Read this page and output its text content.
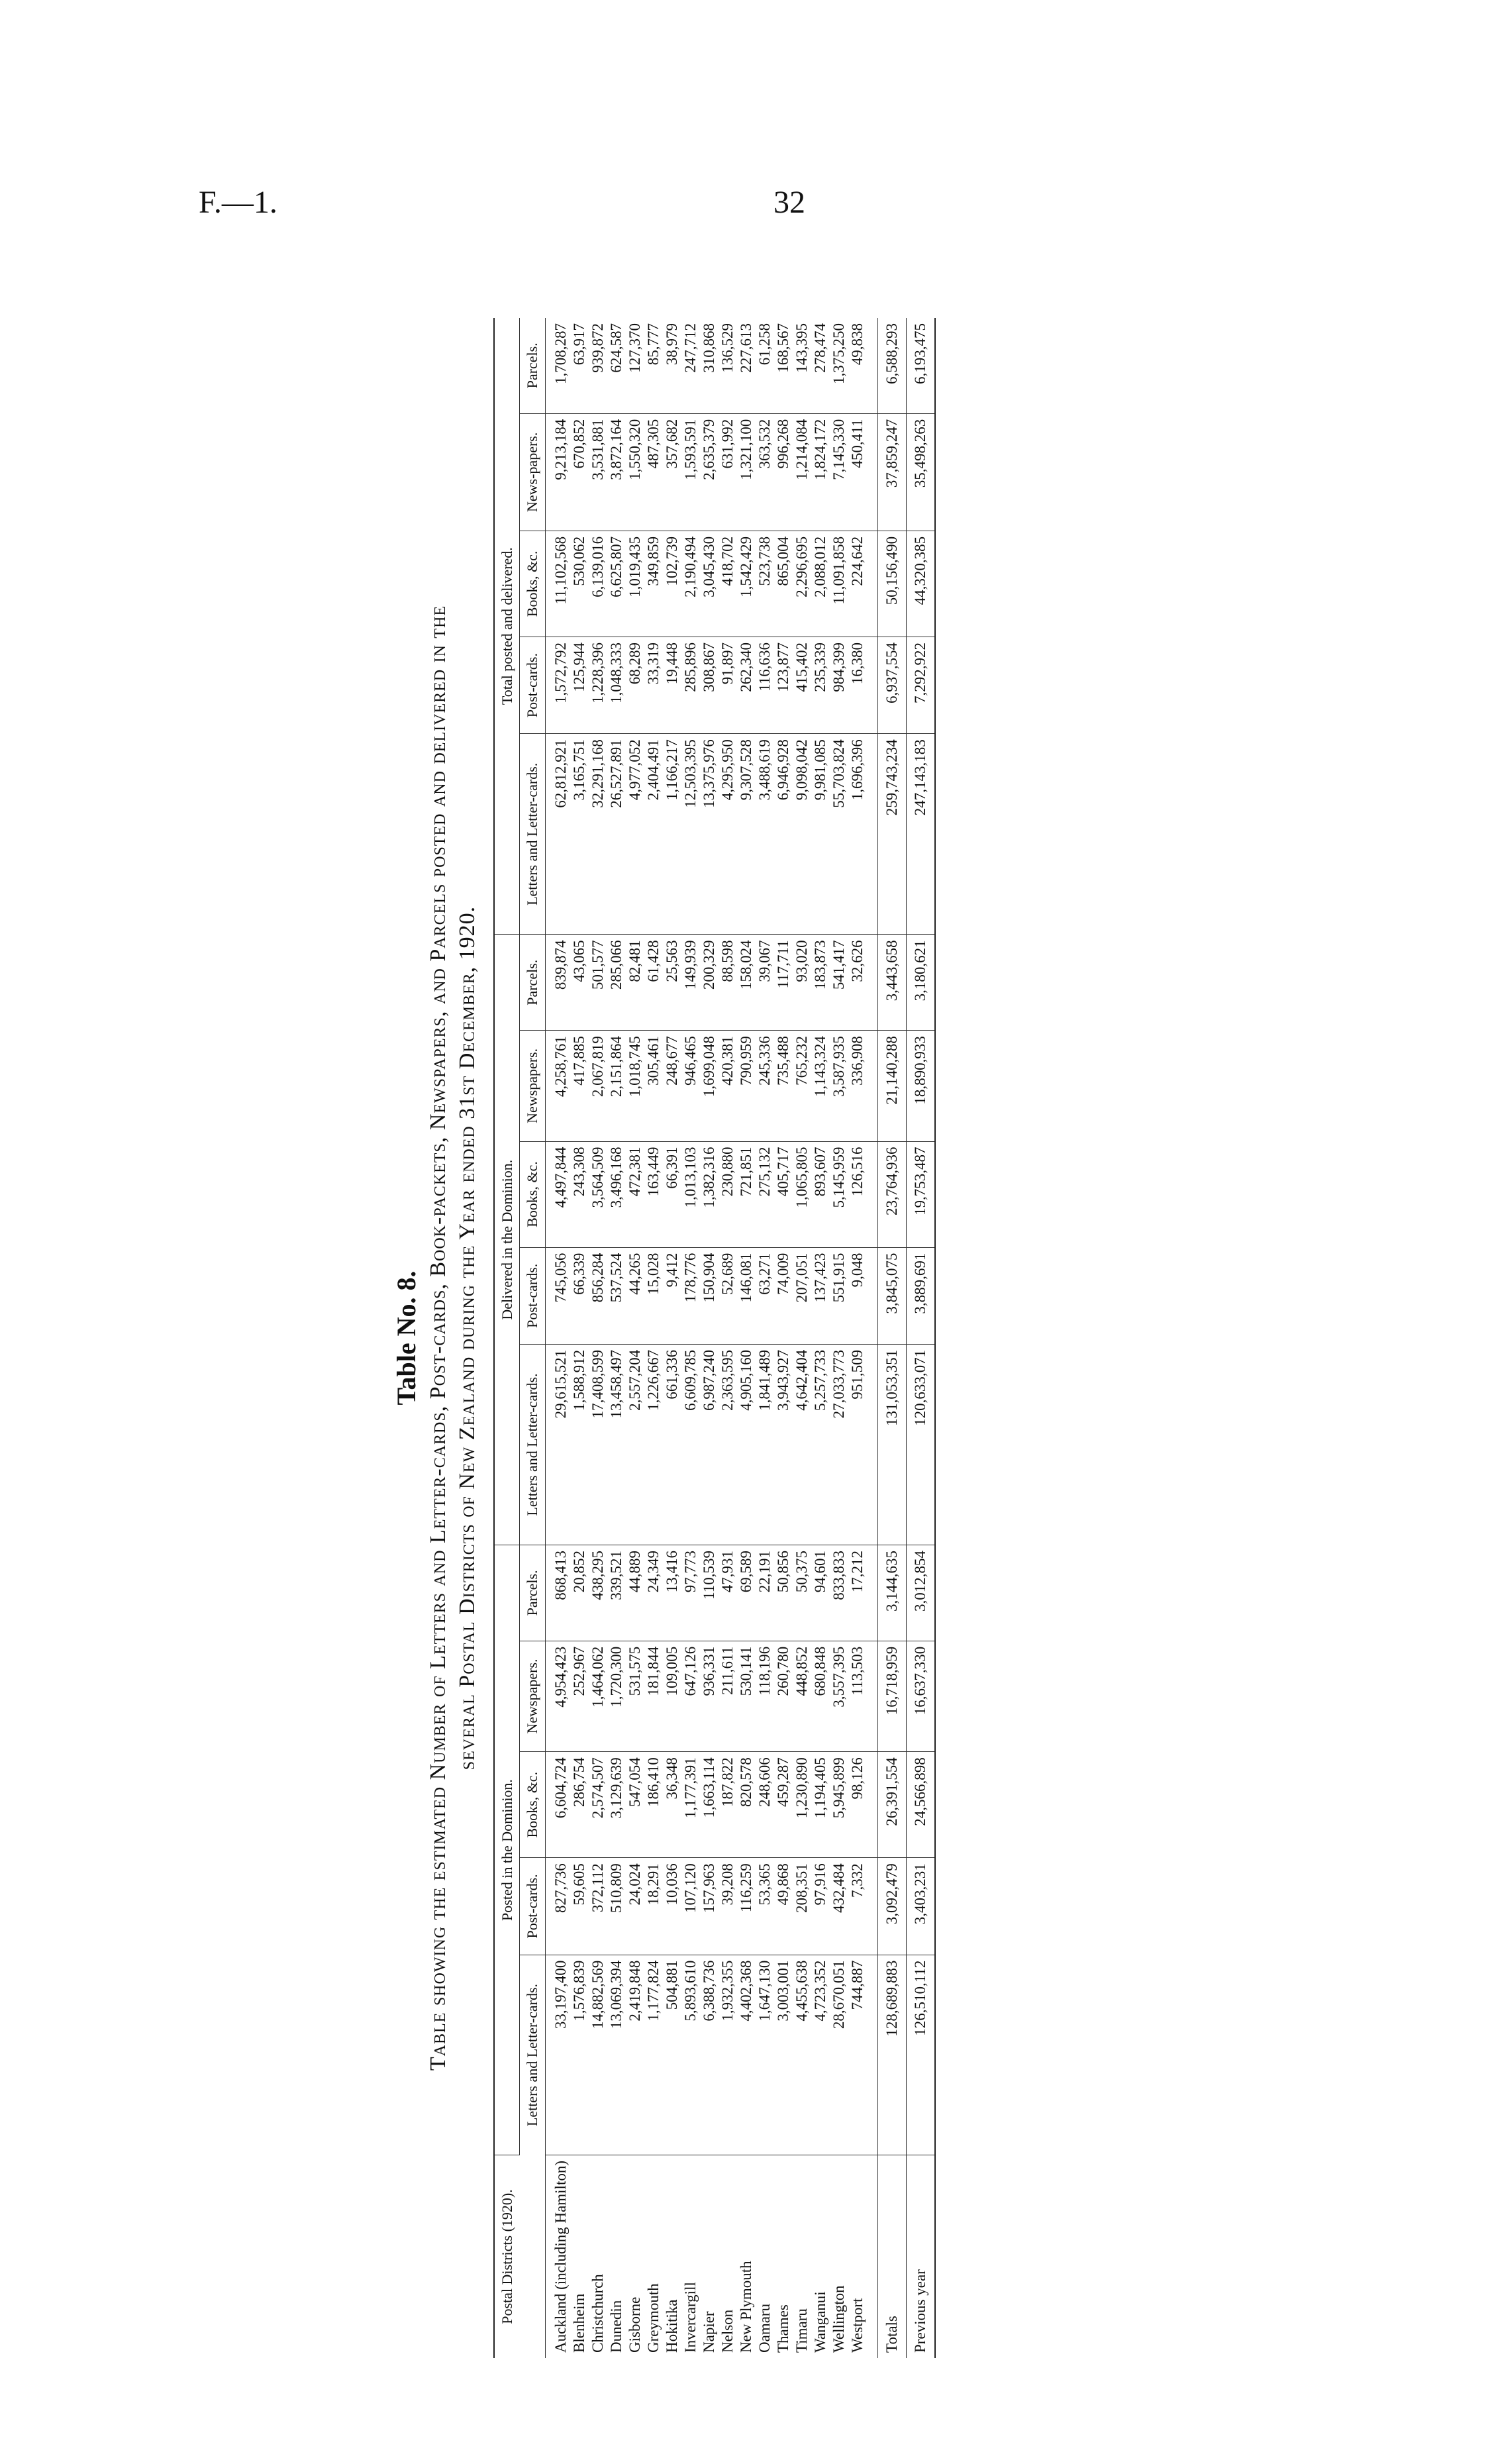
F.—1.	32
Table No. 8. Table showing the estimated Number of Letters and Letter-cards, Post-cards, Book-packets, Newspapers, and Parcels posted and delivered in the several Postal Districts of New Zealand during the Year ended 31st December, 1920.
Postal Districts (1920).	Posted in the Dominion.					Delivered in the Dominion.					Total posted and delivered.				
	Letters and Letter-cards.	Post-cards.	Books, &c.	Newspapers.	Parcels.	Letters and Letter-cards.	Post-cards.	Books, &c.	Newspapers.	Parcels.	Letters and Letter-cards.	Post-cards.	Books, &c.	News-papers.	Parcels.
Auckland (including Hamilton)	33,197,400	827,736	6,604,724	4,954,423	868,413	29,615,521	745,056	4,497,844	4,258,761	839,874	62,812,921	1,572,792	11,102,568	9,213,184	1,708,287
Blenheim	1,576,839	59,605	286,754	252,967	20,852	1,588,912	66,339	243,308	417,885	43,065	3,165,751	125,944	530,062	670,852	63,917
Christchurch	14,882,569	372,112	2,574,507	1,464,062	438,295	17,408,599	856,284	3,564,509	2,067,819	501,577	32,291,168	1,228,396	6,139,016	3,531,881	939,872
Dunedin	13,069,394	510,809	3,129,639	1,720,300	339,521	13,458,497	537,524	3,496,168	2,151,864	285,066	26,527,891	1,048,333	6,625,807	3,872,164	624,587
Gisborne	2,419,848	24,024	547,054	531,575	44,889	2,557,204	44,265	472,381	1,018,745	82,481	4,977,052	68,289	1,019,435	1,550,320	127,370
Greymouth	1,177,824	18,291	186,410	181,844	24,349	1,226,667	15,028	163,449	305,461	61,428	2,404,491	33,319	349,859	487,305	85,777
Hokitika	504,881	10,036	36,348	109,005	13,416	661,336	9,412	66,391	248,677	25,563	1,166,217	19,448	102,739	357,682	38,979
Invercargill	5,893,610	107,120	1,177,391	647,126	97,773	6,609,785	178,776	1,013,103	946,465	149,939	12,503,395	285,896	2,190,494	1,593,591	247,712
Napier	6,388,736	157,963	1,663,114	936,331	110,539	6,987,240	150,904	1,382,316	1,699,048	200,329	13,375,976	308,867	3,045,430	2,635,379	310,868
Nelson	1,932,355	39,208	187,822	211,611	47,931	2,363,595	52,689	230,880	420,381	88,598	4,295,950	91,897	418,702	631,992	136,529
New Plymouth	4,402,368	116,259	820,578	530,141	69,589	4,905,160	146,081	721,851	790,959	158,024	9,307,528	262,340	1,542,429	1,321,100	227,613
Oamaru	1,647,130	53,365	248,606	118,196	22,191	1,841,489	63,271	275,132	245,336	39,067	3,488,619	116,636	523,738	363,532	61,258
Thames	3,003,001	49,868	459,287	260,780	50,856	3,943,927	74,009	405,717	735,488	117,711	6,946,928	123,877	865,004	996,268	168,567
Timaru	4,455,638	208,351	1,230,890	448,852	50,375	4,642,404	207,051	1,065,805	765,232	93,020	9,098,042	415,402	2,296,695	1,214,084	143,395
Wanganui	4,723,352	97,916	1,194,405	680,848	94,601	5,257,733	137,423	893,607	1,143,324	183,873	9,981,085	235,339	2,088,012	1,824,172	278,474
Wellington	28,670,051	432,484	5,945,899	3,557,395	833,833	27,033,773	551,915	5,145,959	3,587,935	541,417	55,703,824	984,399	11,091,858	7,145,330	1,375,250
Westport	744,887	7,332	98,126	113,503	17,212	951,509	9,048	126,516	336,908	32,626	1,696,396	16,380	224,642	450,411	49,838

Totals	128,689,883	3,092,479	26,391,554	16,718,959	3,144,635	131,053,351	3,845,075	23,764,936	21,140,288	3,443,658	259,743,234	6,937,554	50,156,490	37,859,247	6,588,293
Previous year	126,510,112	3,403,231	24,566,898	16,637,330	3,012,854	120,633,071	3,889,691	19,753,487	18,890,933	3,180,621	247,143,183	7,292,922	44,320,385	35,498,263	6,193,475
